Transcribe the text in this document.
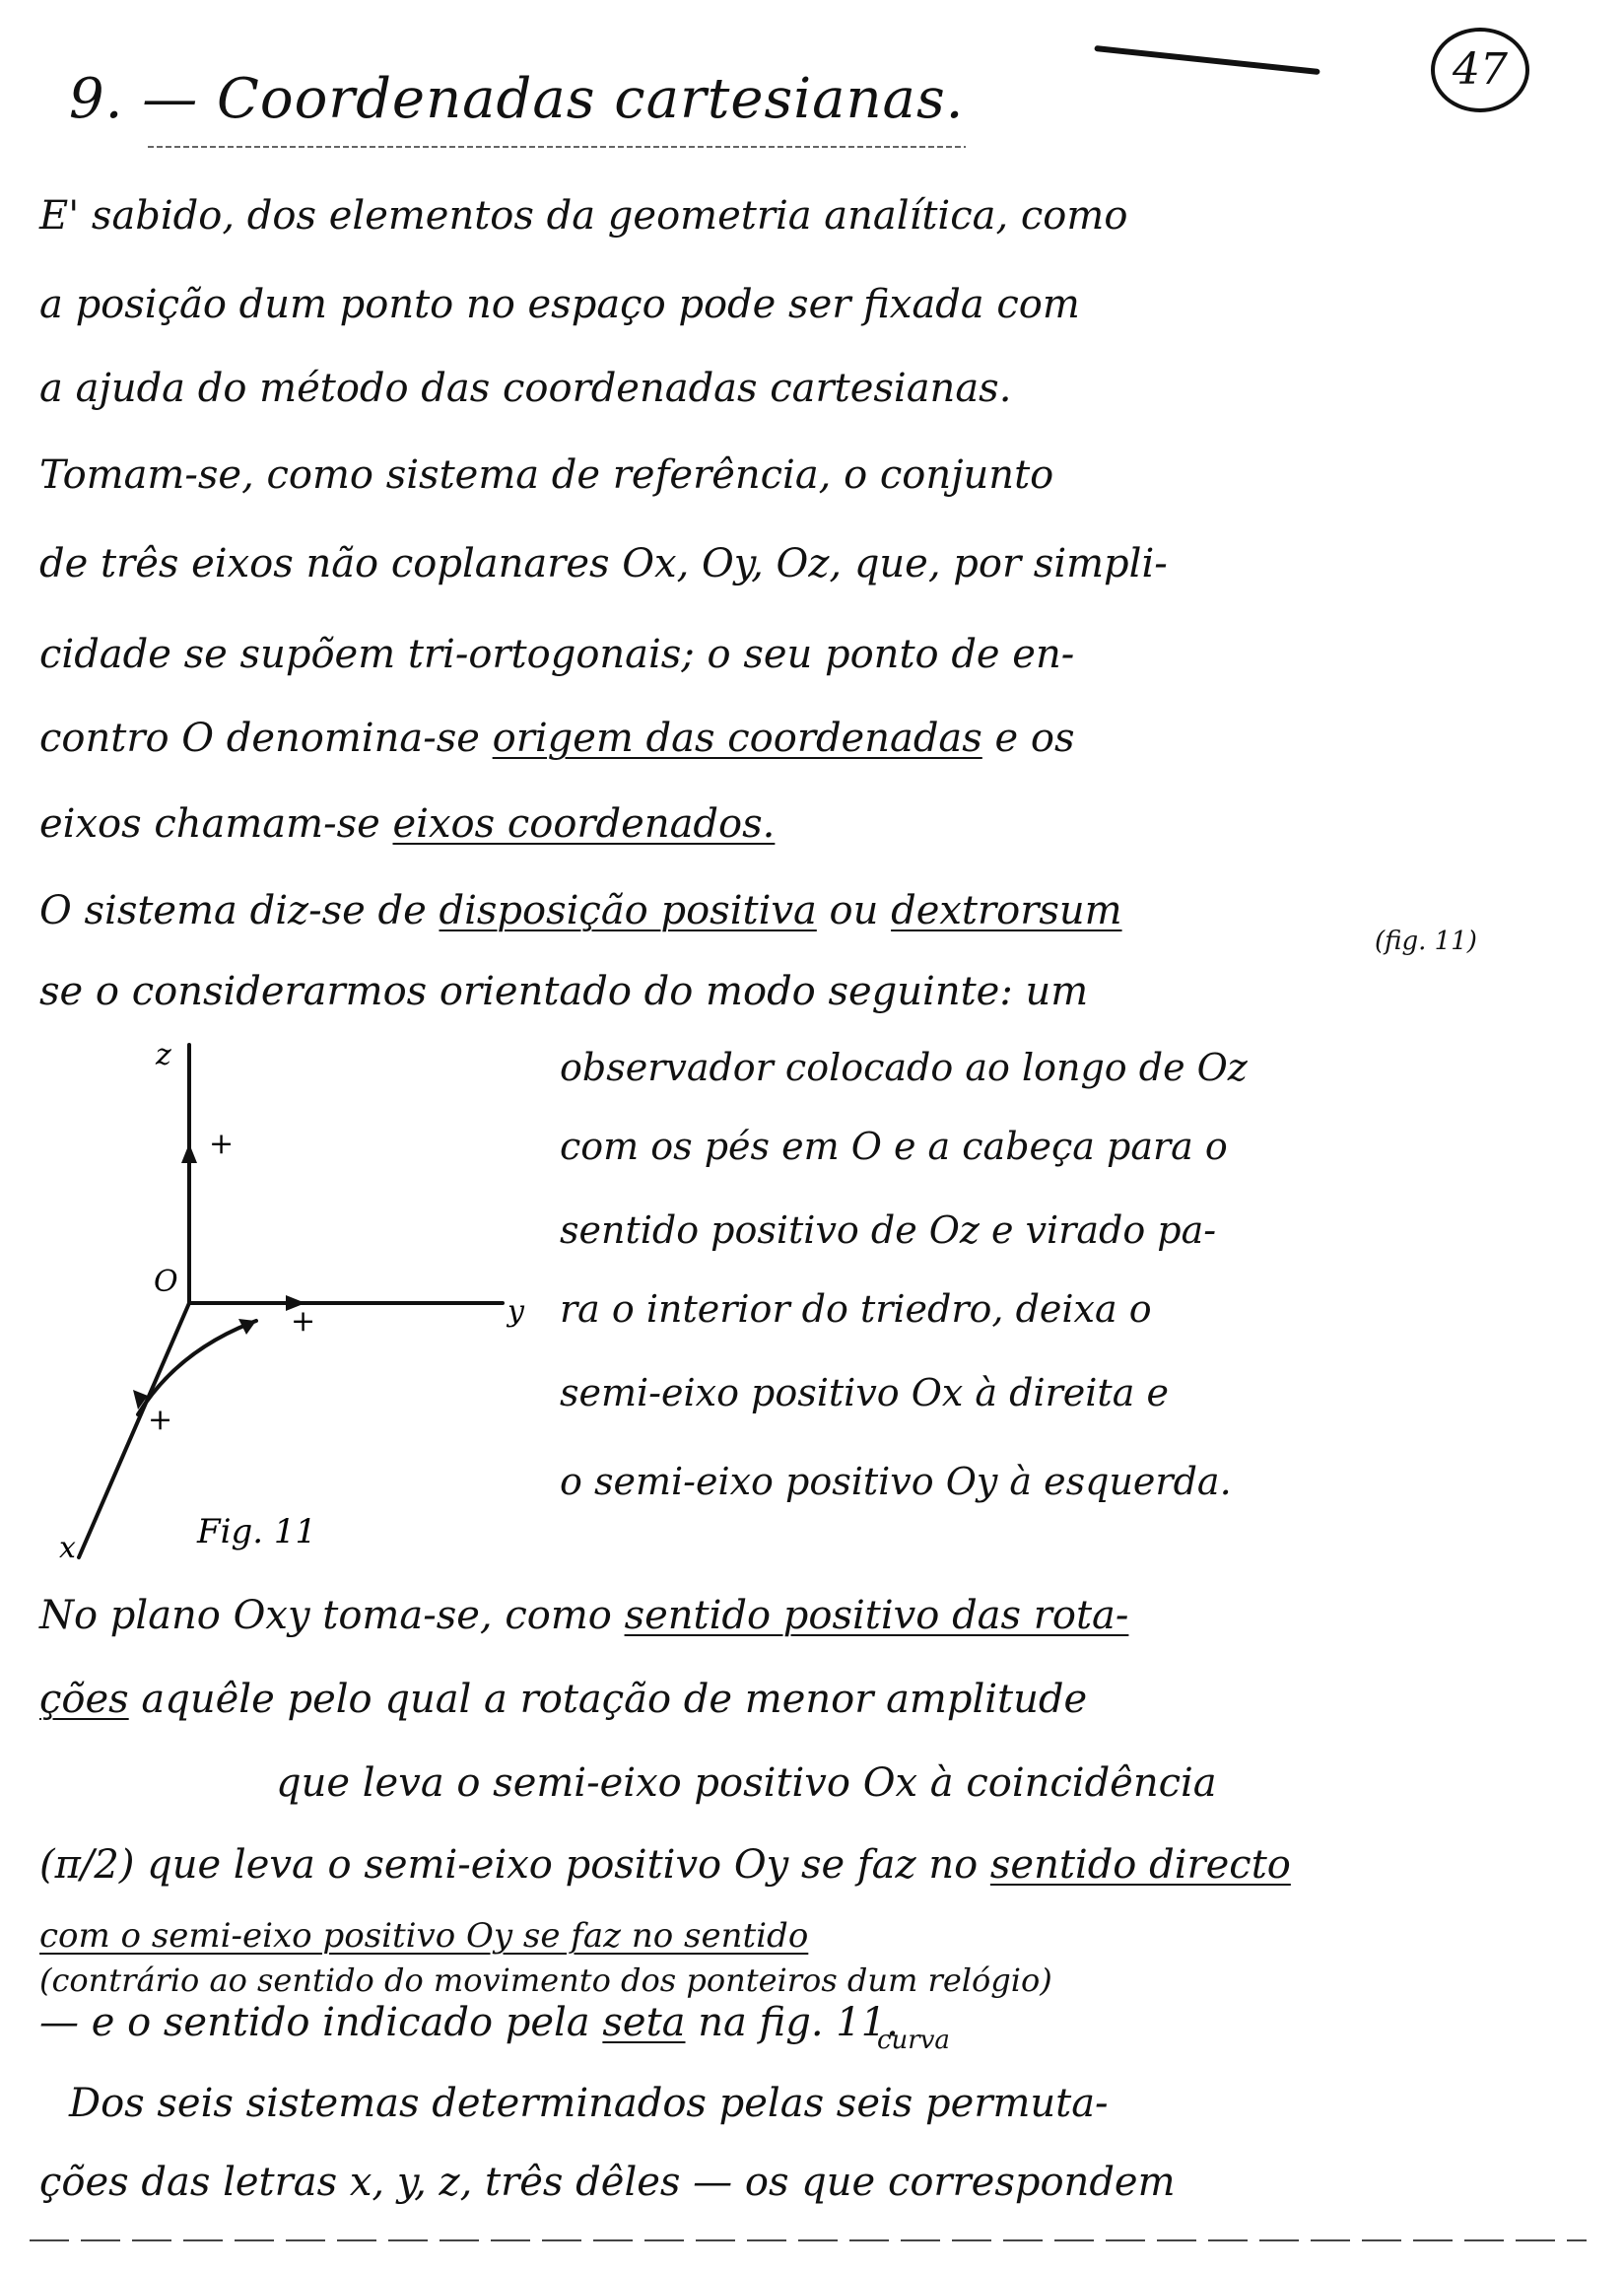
47
9. — Coordenadas cartesianas.
E' sabido, dos elementos da geometria analítica, como
a posição dum ponto no espaço pode ser fixada com
a ajuda do método das coordenadas cartesianas.
Tomam-se, como sistema de referência, o conjunto
de três eixos não coplanares Ox, Oy, Oz, que, por simpli-
cidade se supõem tri-ortogonais; o seu ponto de en-
contro O denomina-se origem das coordenadas e os
eixos chamam-se eixos coordenados.
O sistema diz-se de disposição positiva ou dextrorsum
(fig. 11)
se o considerarmos orientado do modo seguinte: um
z
+
O
+	y
+
x	Fig. 11
observador colocado ao longo de Oz
com os pés em O e a cabeça para o
sentido positivo de Oz e virado pa-
ra o interior do triedro, deixa o
semi-eixo positivo Ox à direita e
o semi-eixo positivo Oy à esquerda.
No plano Oxy toma-se, como sentido positivo das rota-
ções aquêle pelo qual a rotação de menor amplitude
que leva o semi-eixo positivo Ox à coincidência
(π/2) que leva o semi-eixo positivo Oy se faz no sentido directo
com o semi-eixo positivo Oy se faz no sentido
(contrário ao sentido do movimento dos ponteiros dum relógio)
curva
— e o sentido indicado pela seta na fig. 11.
Dos seis sistemas determinados pelas seis permuta-
ções das letras x, y, z, três dêles — os que correspondem
